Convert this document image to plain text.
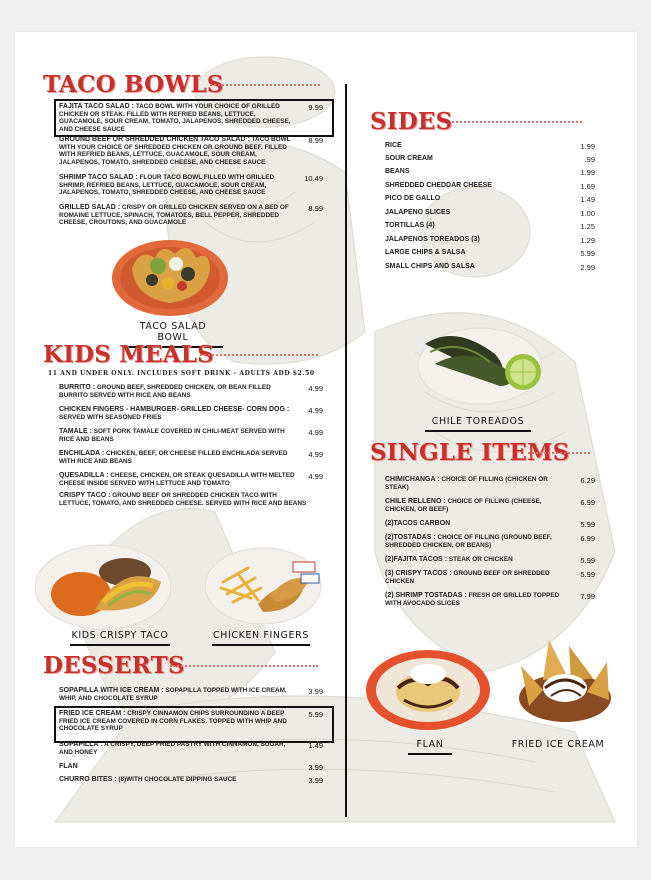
TACO BOWLS
FAJITA TACO SALAD : TACO BOWL WITH YOUR CHOICE OF GRILLED CHICKEN OR STEAK. FILLED WITH REFRIED BEANS, LETTUCE, GUACAMOLE, SOUR CREAM, TOMATO, JALAPENOS, SHREDDED CHEESE, AND CHEESE SAUCE
9.99
GROUND BEEF OR SHREDDED CHICKEN TACO SALAD : TACO BOWL WITH YOUR CHOICE OF SHREDDED CHICKEN OR GROUND BEEF. FILLED WITH REFRIED BEANS, LETTUCE, GUACAMOLE, SOUR CREAM, JALAPENOS, TOMATO, SHREDDED CHEESE, AND CHEESE SAUCE
8.99
SHRIMP TACO SALAD : FLOUR TACO BOWL FILLED WITH GRILLED SHRIMP, REFRIED BEANS, LETTUCE, GUACAMOLE, SOUR CREAM, JALAPENOS, TOMATO, SHREDDED CHEESE, AND CHEESE SAUCE
10.49
GRILLED SALAD : CRISPY OR GRILLED CHICKEN SERVED ON A BED OF ROMAINE LETTUCE, SPINACH, TOMATOES, BELL PEPPER, SHREDDED CHEESE, CROUTONS, AND GUACAMOLE
8.99
TACO SALAD BOWL
KIDS MEALS
11 AND UNDER ONLY. INCLUDES SOFT DRINK - ADULTS ADD $2.50
BURRITO : GROUND BEEF, SHREDDED CHICKEN, OR BEAN FILLED BURRITO SERVED WITH RICE AND BEANS
4.99
CHICKEN FINGERS - HAMBURGER- GRILLED CHEESE- CORN DOG : SERVED WITH SEASONED FRIES
4.99
TAMALE : SOFT PORK TAMALE COVERED IN CHILI-MEAT SERVED WITH RICE AND BEANS
4.99
ENCHILADA : CHICKEN, BEEF, OR CHEESE FILLED ENCHILADA SERVED WITH RICE AND BEANS
4.99
QUESADILLA : CHEESE, CHICKEN, OR STEAK QUESADILLA WITH MELTED CHEESE INSIDE SERVED WITH LETTUCE AND TOMATO
4.99
CRISPY TACO : GROUND BEEF OR SHREDDED CHICKEN TACO WITH LETTUCE, TOMATO, AND SHREDDED CHEESE. SERVED WITH RICE AND BEANS
KIDS CRISPY TACO	CHICKEN FINGERS
DESSERTS
SOPAPILLA WITH ICE CREAM : SOPAPILLA TOPPED WITH ICE CREAM, WHIP, AND CHOCOLATE SYRUP
3.99
FRIED ICE CREAM : CRISPY CINNAMON CHIPS SURROUNDING A DEEP FRIED ICE CREAM COVERED IN CORN FLAKES. TOPPED WITH WHIP AND CHOCOLATE SYRUP
5.99
SOPAPILLA : A CRISPY, DEEP FRIED PASTRY WITH CINNAMON, SUGAR, AND HONEY
1.49
FLAN	3.99
CHURRO BITES : (8)WITH CHOCOLATE DIPPING SAUCE	3.99
SIDES
RICE	1.99
SOUR CREAM	.99
BEANS	1.99
SHREDDED CHEDDAR CHEESE	1.69
PICO DE GALLO	1.49
JALAPENO SLICES	1.00
TORTILLAS (4)	1.25
JALAPENOS TOREADOS (3)	1.29
LARGE CHIPS & SALSA	5.99
SMALL CHIPS AND SALSA	2.99
CHILE TOREADOS
SINGLE ITEMS
CHIMICHANGA : CHOICE OF FILLING (CHICKEN OR STEAK)
6.29
CHILE RELLENO : CHOICE OF FILLING (CHEESE, CHICKEN, OR BEEF)
6.99
(2)TACOS CARBON	5.99
(2)TOSTADAS : CHOICE OF FILLING (GROUND BEEF, SHREDDED CHICKEN, OR BEANS)
6.99
(2)FAJITA TACOS : STEAK OR CHICKEN	5.99
(3) CRISPY TACOS : GROUND BEEF OR SHREDDED CHICKEN
5.99
(2) SHRIMP TOSTADAS : FRESH OR GRILLED TOPPED WITH AVOCADO SLICES
7.99
FLAN	FRIED ICE CREAM
